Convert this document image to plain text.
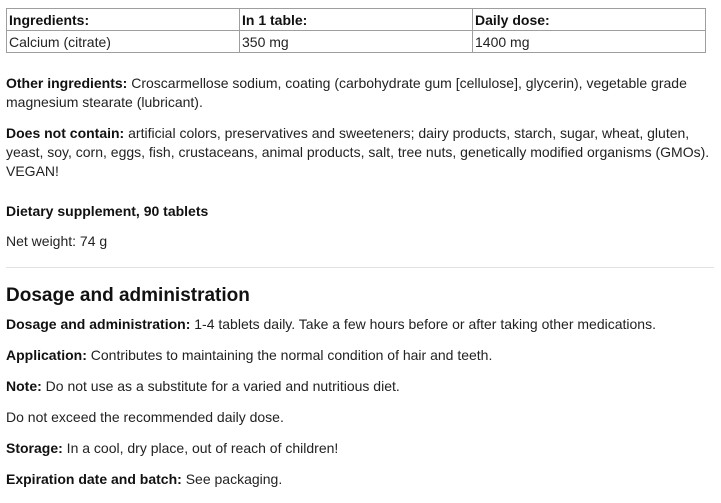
Ingredients:	In 1 table:	Daily dose:
Calcium (citrate)	350 mg	1400 mg

Other ingredients: Croscarmellose sodium, coating (carbohydrate gum [cellulose], glycerin), vegetable grade magnesium stearate (lubricant).

Does not contain: artificial colors, preservatives and sweeteners; dairy products, starch, sugar, wheat, gluten, yeast, soy, corn, eggs, fish, crustaceans, animal products, salt, tree nuts, genetically modified organisms (GMOs). VEGAN!

Dietary supplement, 90 tablets

Net weight: 74 g

Dosage and administration

Dosage and administration: 1-4 tablets daily. Take a few hours before or after taking other medications.

Application: Contributes to maintaining the normal condition of hair and teeth.

Note: Do not use as a substitute for a varied and nutritious diet.

Do not exceed the recommended daily dose.

Storage: In a cool, dry place, out of reach of children!

Expiration date and batch: See packaging.
